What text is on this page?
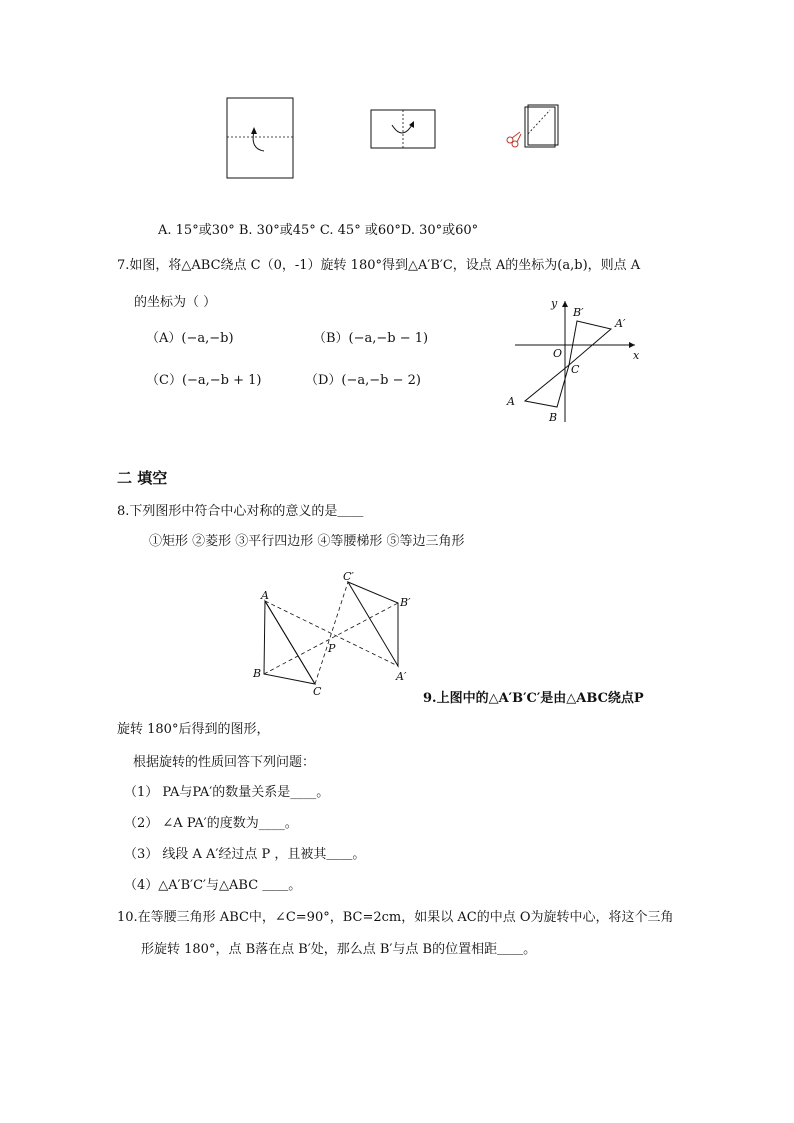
A. 15°或30° B. 30°或45° C. 45° 或60°D. 30°或60°
7.如图，将△ABC绕点 C（0，-1）旋转 180°得到△A′B′C，设点 A的坐标为(a,b)，则点 A
的坐标为（ ）
（A）(−a,−b)	（B）(−a,−b − 1)
（C）(−a,−b + 1)	（D）(−a,−b − 2)
y
x
O
C
B′
A′
A
B
二 填空
8.下列图形中符合中心对称的意义的是＿＿
①矩形 ②菱形 ③平行四边形 ④等腰梯形 ⑤等边三角形
A
B
C
P
C′
B′
A′
9.上图中的△A′B′C′是由△ABC绕点P
旋转 180°后得到的图形，
根据旋转的性质回答下列问题：
（1） PA与PA′的数量关系是____。
（2） ∠A PA′的度数为____。
（3） 线段 A A′经过点 P ，且被其＿＿。
（4）△A′B′C′与△ABC ＿＿。
10.在等腰三角形 ABC中，∠C=90°，BC=2cm，如果以 AC的中点 O为旋转中心，将这个三角
形旋转 180°，点 B落在点 B′处，那么点 B′与点 B的位置相距＿＿。
